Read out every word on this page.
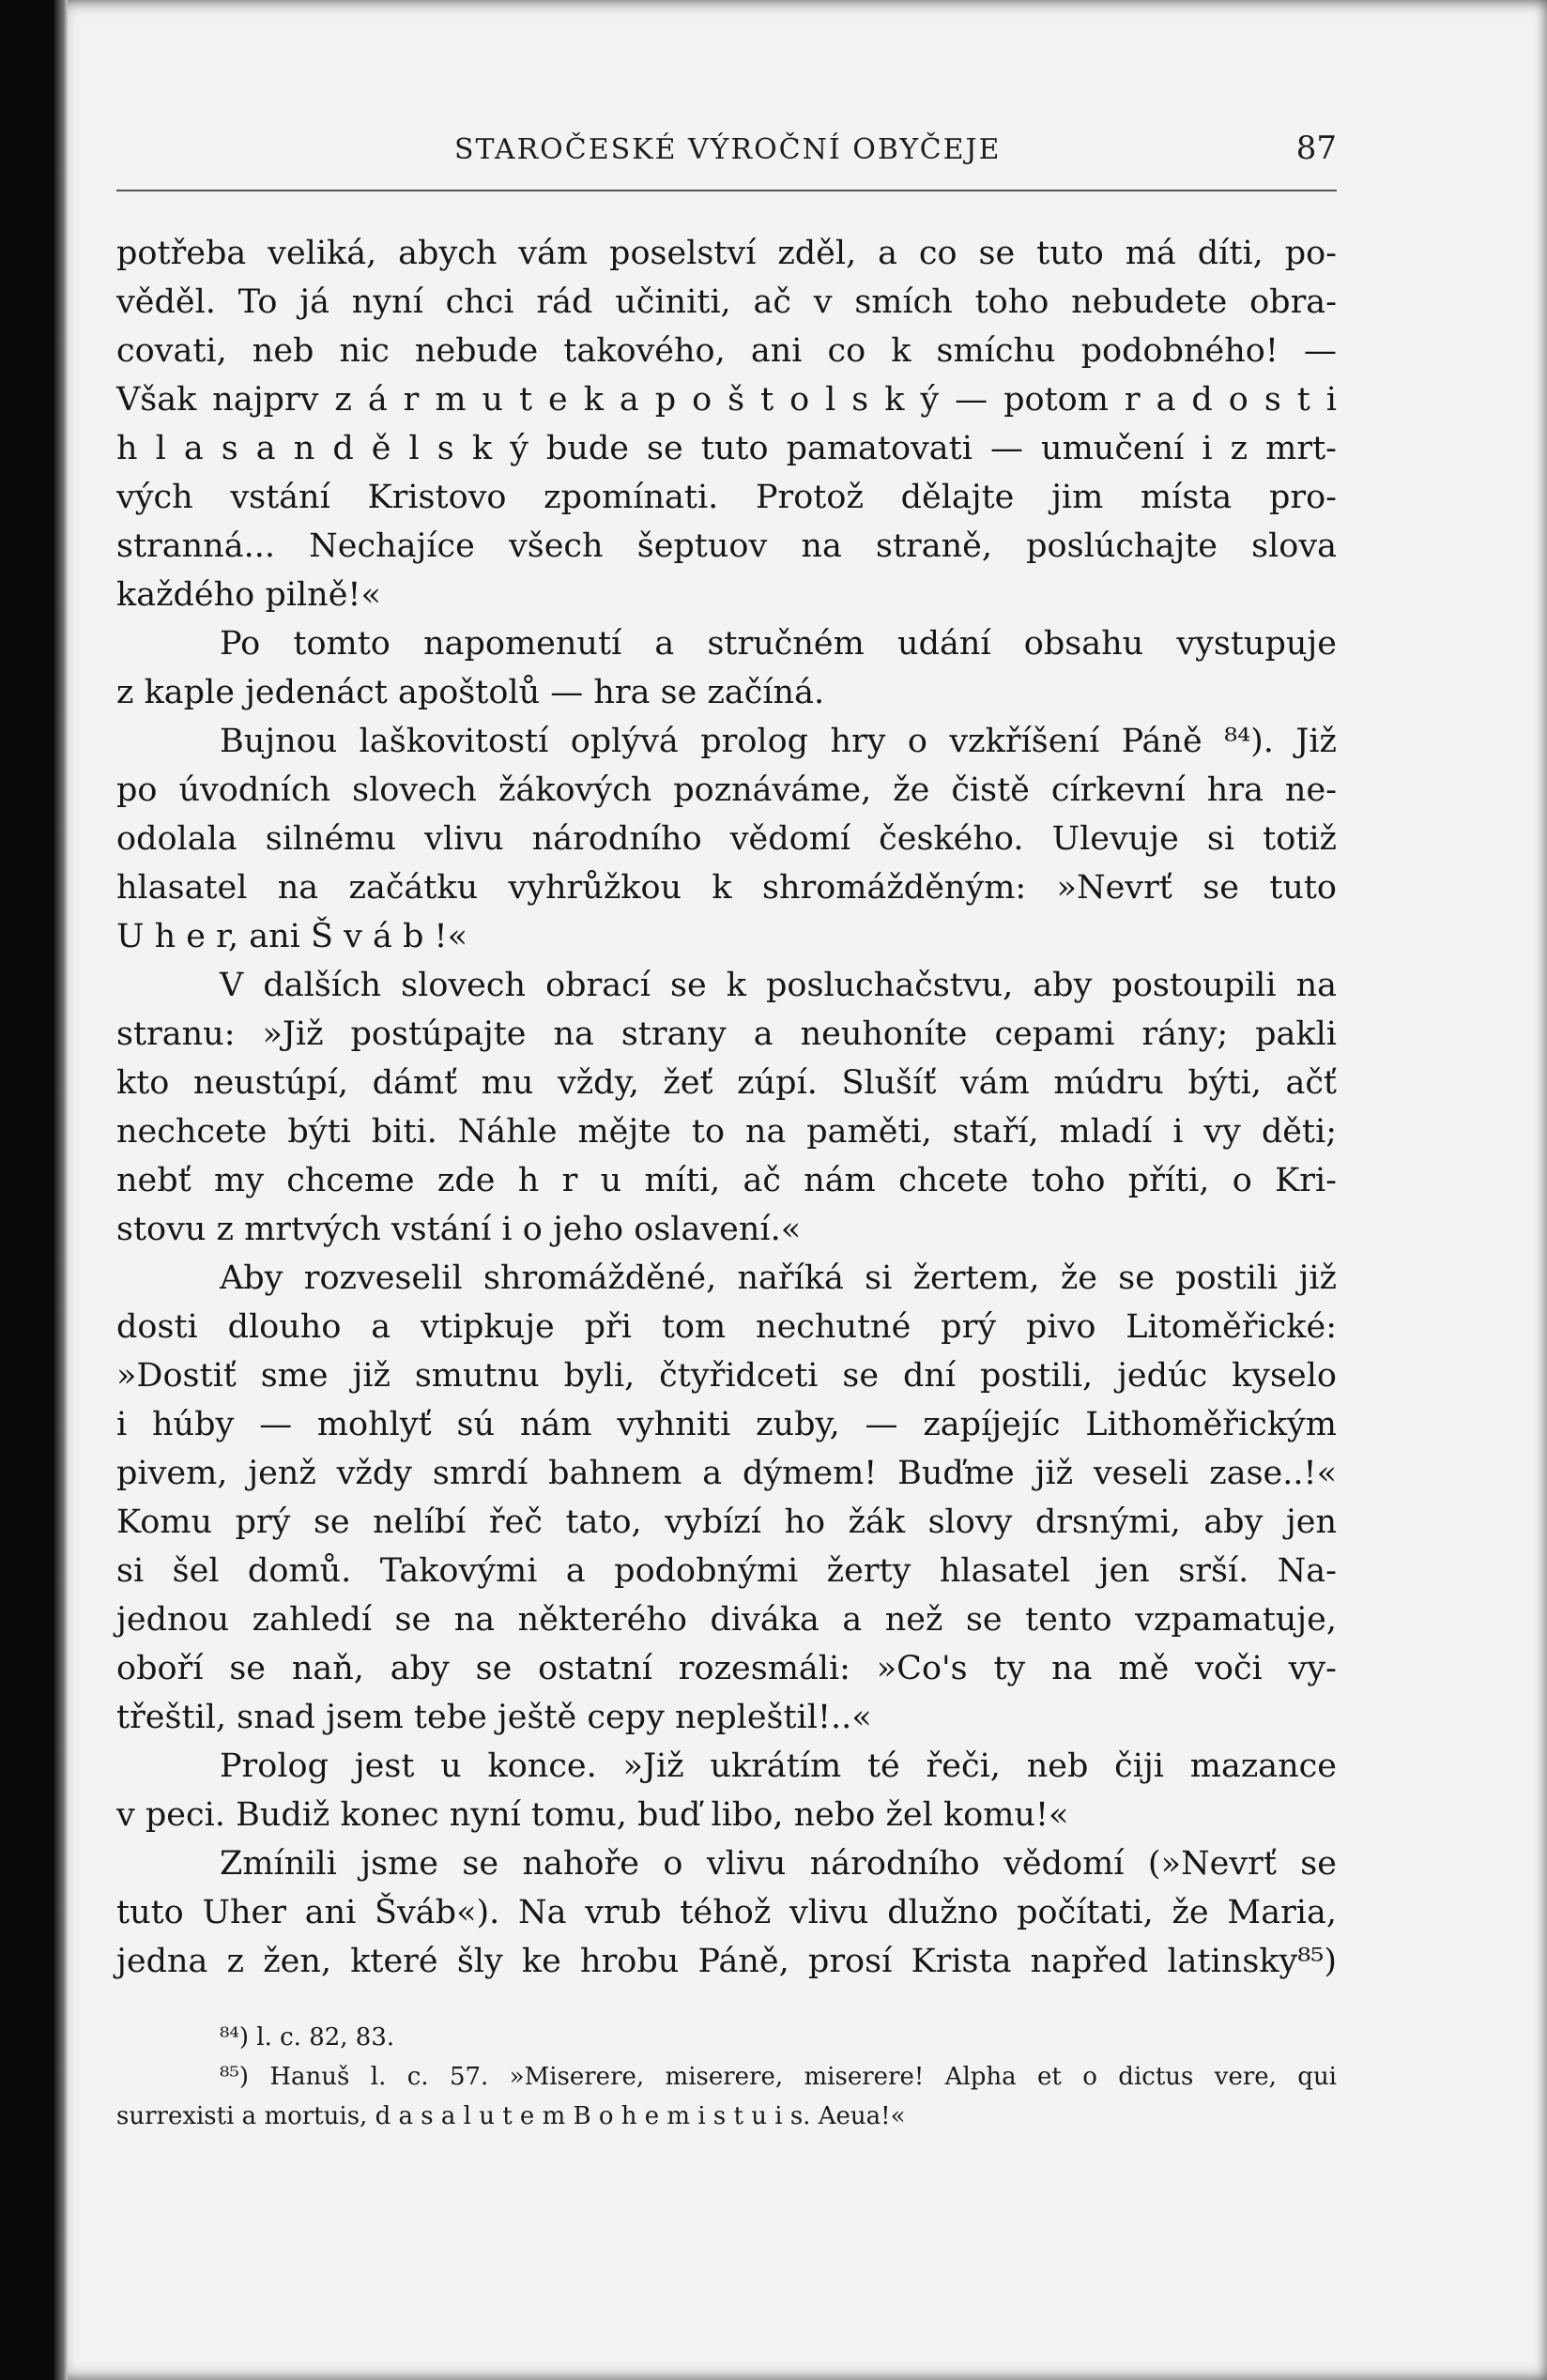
STAROČESKÉ VÝROČNÍ OBYČEJE	87
potřeba veliká, abych vám poselství zděl, a co se tuto má díti, po-
věděl. To já nyní chci rád učiniti, ač v smích toho nebudete obra-
covati, neb nic nebude takového, ani co k smíchu podobného! —
Však najprv z á r m u t e k a p o š t o l s k ý — potom r a d o s t i
h l a s a n d ě l s k ý bude se tuto pamatovati — umučení i z mrt-
vých vstání Kristovo zpomínati. Protož dělajte jim místa pro-
stranná... Nechajíce všech šeptuov na straně, poslúchajte slova
každého pilně!«
Po tomto napomenutí a stručném udání obsahu vystupuje
z kaple jedenáct apoštolů — hra se začíná.
Bujnou laškovitostí oplývá prolog hry o vzkříšení Páně ⁸⁴). Již
po úvodních slovech žákových poznáváme, že čistě církevní hra ne-
odolala silnému vlivu národního vědomí českého. Ulevuje si totiž
hlasatel na začátku vyhrůžkou k shromážděným: »Nevrť se tuto
U h e r, ani Š v á b !«
V dalších slovech obrací se k posluchačstvu, aby postoupili na
stranu: »Již postúpajte na strany a neuhoníte cepami rány; pakli
kto neustúpí, dámť mu vždy, žeť zúpí. Slušíť vám múdru býti, ačť
nechcete býti biti. Náhle mějte to na paměti, staří, mladí i vy děti;
nebť my chceme zde h r u míti, ač nám chcete toho příti, o Kri-
stovu z mrtvých vstání i o jeho oslavení.«
Aby rozveselil shromážděné, naříká si žertem, že se postili již
dosti dlouho a vtipkuje při tom nechutné prý pivo Litoměřické:
»Dostiť sme již smutnu byli, čtyřidceti se dní postili, jedúc kyselo
i húby — mohlyť sú nám vyhniti zuby, — zapíjejíc Lithoměřickým
pivem, jenž vždy smrdí bahnem a dýmem! Buďme již veseli zase..!«
Komu prý se nelíbí řeč tato, vybízí ho žák slovy drsnými, aby jen
si šel domů. Takovými a podobnými žerty hlasatel jen srší. Na-
jednou zahledí se na některého diváka a než se tento vzpamatuje,
oboří se naň, aby se ostatní rozesmáli: »Co's ty na mě voči vy-
třeštil, snad jsem tebe ještě cepy nepleštil!..«
Prolog jest u konce. »Již ukrátím té řeči, neb čiji mazance
v peci. Budiž konec nyní tomu, buď libo, nebo žel komu!«
Zmínili jsme se nahoře o vlivu národního vědomí (»Nevrť se
tuto Uher ani Šváb«). Na vrub téhož vlivu dlužno počítati, že Maria,
jedna z žen, které šly ke hrobu Páně, prosí Krista napřed latinsky⁸⁵)
⁸⁴) l. c. 82, 83.
⁸⁵) Hanuš l. c. 57. »Miserere, miserere, miserere! Alpha et o dictus vere, qui
surrexisti a mortuis, d a s a l u t e m B o h e m i s t u i s. Aeua!«
